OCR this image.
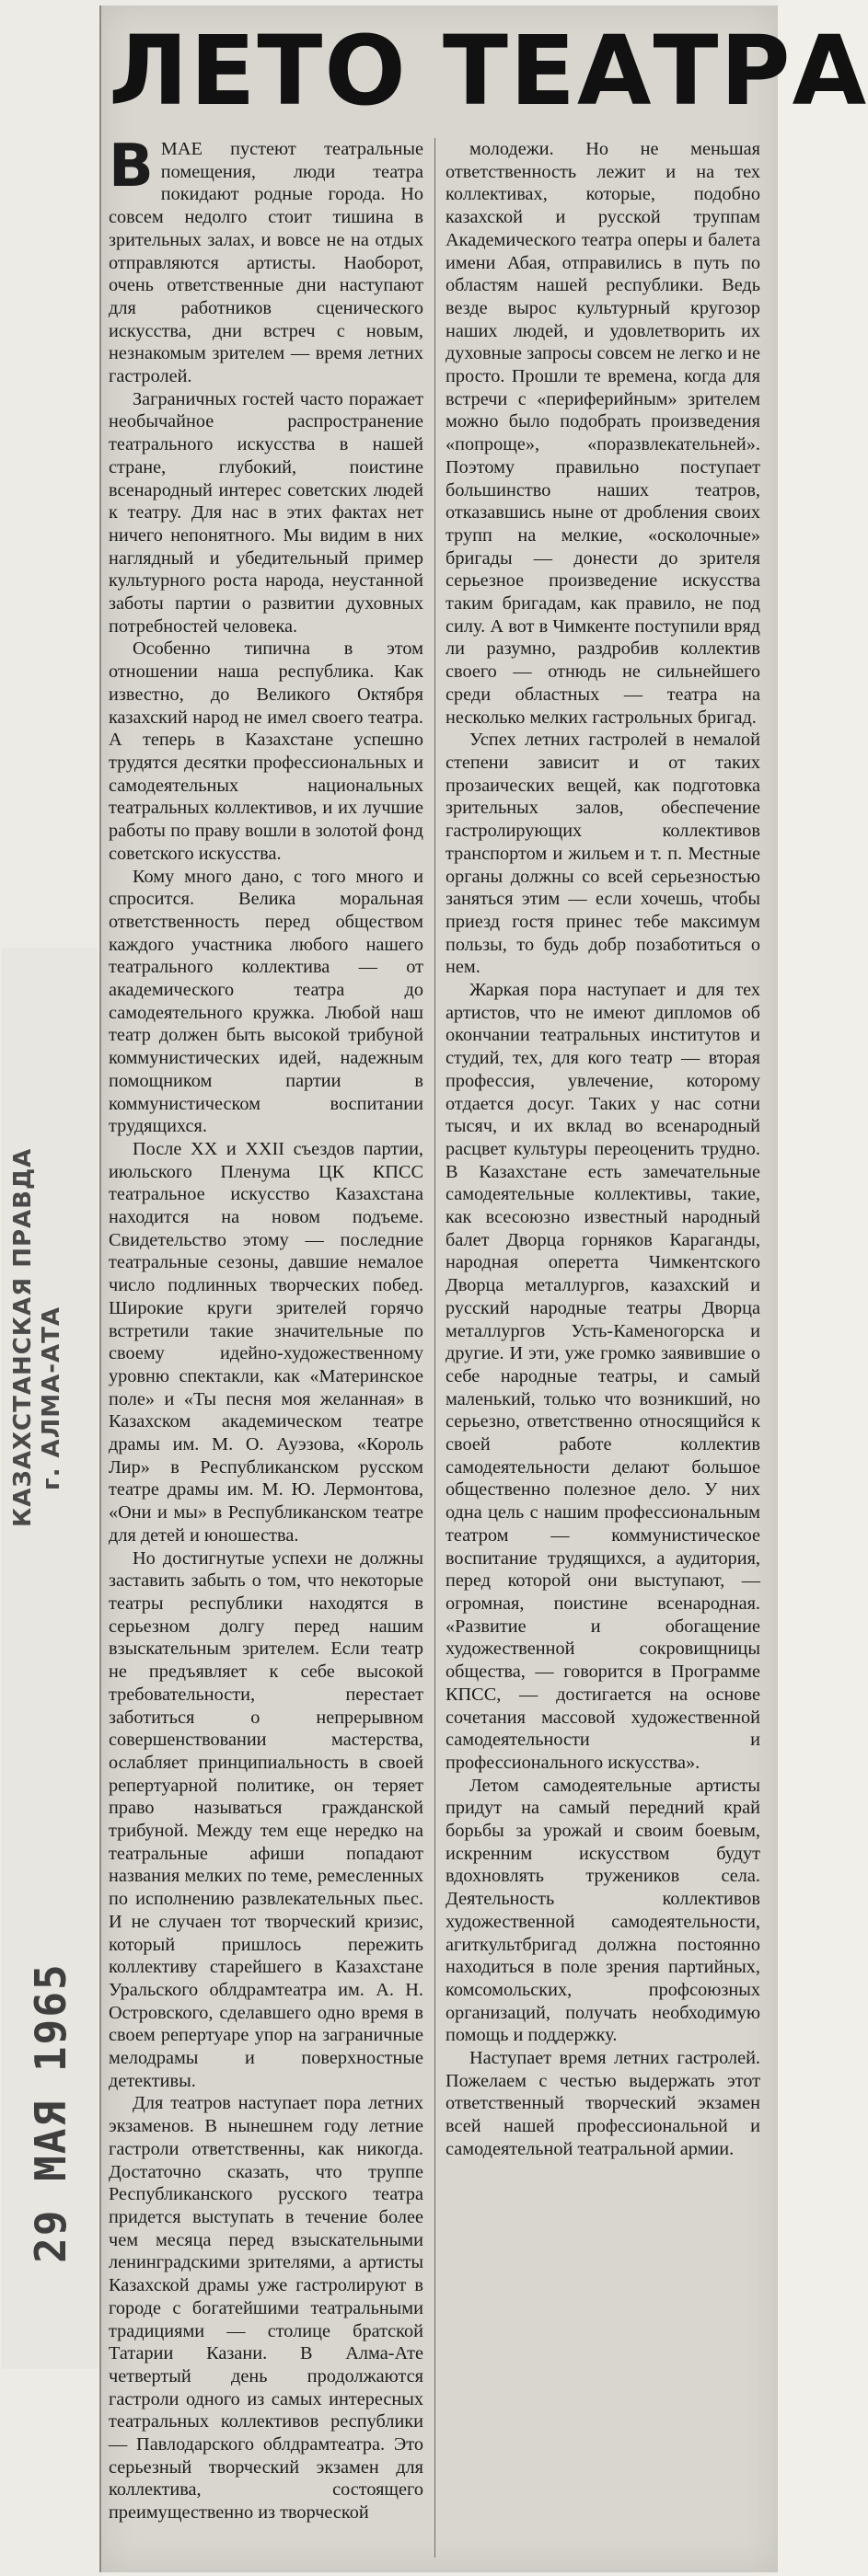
КАЗАХСТАНСКАЯ ПРАВДА г. АЛМА-АТА
29 МАЯ 1965
ЛЕТО ТЕАТРА

ВМАЕ пустеют театральные помещения, люди театра покидают родные города. Но совсем недолго стоит тишина в зрительных залах, и вовсе не на отдых отправляются артисты. Наоборот, очень ответственные дни наступают для работников сценического искусства, дни встреч с новым, незнакомым зрителем — время летних гастролей.

Заграничных гостей часто поражает необычайное распространение театрального искусства в нашей стране, глубокий, поистине всенародный интерес советских людей к театру. Для нас в этих фактах нет ничего непонятного. Мы видим в них наглядный и убедительный пример культурного роста народа, неустанной заботы партии о развитии духовных потребностей человека.

Особенно типична в этом отношении наша республика. Как известно, до Великого Октября казахский народ не имел своего театра. А теперь в Казахстане успешно трудятся десятки профессиональных и самодеятельных национальных театральных коллективов, и их лучшие работы по праву вошли в золотой фонд советского искусства.

Кому много дано, с того много и спросится. Велика моральная ответственность перед обществом каждого участника любого нашего театрального коллектива — от академического театра до самодеятельного кружка. Любой наш театр должен быть высокой трибуной коммунистических идей, надежным помощником партии в коммунистическом воспитании трудящихся.

После XX и XXII съездов партии, июльского Пленума ЦК КПСС театральное искусство Казахстана находится на новом подъеме. Свидетельство этому — последние театральные сезоны, давшие немалое число подлинных творческих побед. Широкие круги зрителей горячо встретили такие значительные по своему идейно-художественному уровню спектакли, как «Материнское поле» и «Ты песня моя желанная» в Казахском академическом театре драмы им. М. О. Ауэзова, «Король Лир» в Республиканском русском театре драмы им. М. Ю. Лермонтова, «Они и мы» в Республиканском театре для детей и юношества.

Но достигнутые успехи не должны заставить забыть о том, что некоторые театры республики находятся в серьезном долгу перед нашим взыскательным зрителем. Если театр не предъявляет к себе высокой требовательности, перестает заботиться о непрерывном совершенствовании мастерства, ослабляет принципиальность в своей репертуарной политике, он теряет право называться гражданской трибуной. Между тем еще нередко на театральные афиши попадают названия мелких по теме, ремесленных по исполнению развлекательных пьес. И не случаен тот творческий кризис, который пришлось пережить коллективу старейшего в Казахстане Уральского облдрамтеатра им. А. Н. Островского, сделавшего одно время в своем репертуаре упор на заграничные мелодрамы и поверхностные детективы.

Для театров наступает пора летних экзаменов. В нынешнем году летние гастроли ответственны, как никогда. Достаточно сказать, что труппе Республиканского русского театра придется выступать в течение более чем месяца перед взыскательными ленинградскими зрителями, а артисты Казахской драмы уже гастролируют в городе с богатейшими театральными традициями — столице братской Татарии Казани. В Алма-Ате четвертый день продолжаются гастроли одного из самых интересных театральных коллективов республики — Павлодарского облдрамтеатра. Это серьезный творческий экзамен для коллектива, состоящего преимущественно из творческой

молодежи. Но не меньшая ответственность лежит и на тех коллективах, которые, подобно казахской и русской труппам Академического театра оперы и балета имени Абая, отправились в путь по областям нашей республики. Ведь везде вырос культурный кругозор наших людей, и удовлетворить их духовные запросы совсем не легко и не просто. Прошли те времена, когда для встречи с «периферийным» зрителем можно было подобрать произведения «попроще», «поразвлекательней». Поэтому правильно поступает большинство наших театров, отказавшись ныне от дробления своих трупп на мелкие, «осколочные» бригады — донести до зрителя серьезное произведение искусства таким бригадам, как правило, не под силу. А вот в Чимкенте поступили вряд ли разумно, раздробив коллектив своего — отнюдь не сильнейшего среди областных — театра на несколько мелких гастрольных бригад.

Успех летних гастролей в немалой степени зависит и от таких прозаических вещей, как подготовка зрительных залов, обеспечение гастролирующих коллективов транспортом и жильем и т. п. Местные органы должны со всей серьезностью заняться этим — если хочешь, чтобы приезд гостя принес тебе максимум пользы, то будь добр позаботиться о нем.

Жаркая пора наступает и для тех артистов, что не имеют дипломов об окончании театральных институтов и студий, тех, для кого театр — вторая профессия, увлечение, которому отдается досуг. Таких у нас сотни тысяч, и их вклад во всенародный расцвет культуры переоценить трудно. В Казахстане есть замечательные самодеятельные коллективы, такие, как всесоюзно известный народный балет Дворца горняков Караганды, народная оперетта Чимкентского Дворца металлургов, казахский и русский народные театры Дворца металлургов Усть-Каменогорска и другие. И эти, уже громко заявившие о себе народные театры, и самый маленький, только что возникший, но серьезно, ответственно относящийся к своей работе коллектив самодеятельности делают большое общественно полезное дело. У них одна цель с нашим профессиональным театром — коммунистическое воспитание трудящихся, а аудитория, перед которой они выступают, — огромная, поистине всенародная. «Развитие и обогащение художественной сокровищницы общества, — говорится в Программе КПСС, — достигается на основе сочетания массовой художественной самодеятельности и профессионального искусства».

Летом самодеятельные артисты придут на самый передний край борьбы за урожай и своим боевым, искренним искусством будут вдохновлять тружеников села. Деятельность коллективов художественной самодеятельности, агиткультбригад должна постоянно находиться в поле зрения партийных, комсомольских, профсоюзных организаций, получать необходимую помощь и поддержку.

Наступает время летних гастролей. Пожелаем с честью выдержать этот ответственный творческий экзамен всей нашей профессиональной и самодеятельной театральной армии.
